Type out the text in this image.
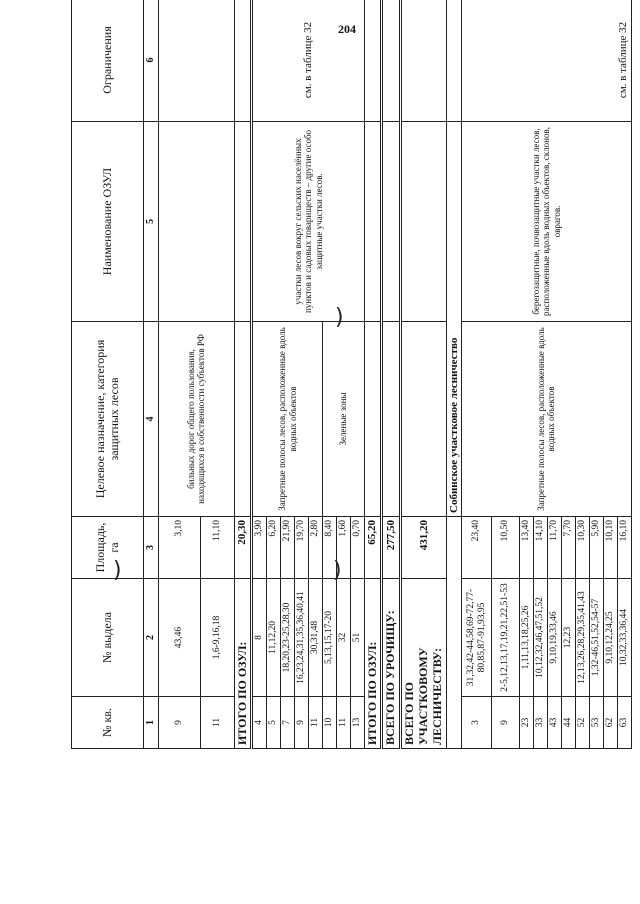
204
)
)	)
№ кв.	№ выдела	Площадь, га	Целевое назначение, категория защитных лесов	Наименование ОЗУЛ	Ограничения
1	2	3	4	5	6
9	43,46	3,10	бильных дорог общего пользования, находящихся в собственности субъектов РФ		
11	1,6-9,16,18	11,10			
ИТОГО ПО ОЗУЛ:		20,30			
4	8	3,90	Запретные полосы лесов, расположенные вдоль водных объектов	участки лесов вокруг сельских населённых пунктов и садовых товариществ – другие особо защитные участки лесов.	см. в таблице 32
5	11,12,20	6,20			
7	18,20,23-25,28,30	21,90			
9	16,23,24,31,35,36,40,41	19,70			
11	30,31,48	2,80			
10	5,13,15,17-20	8,40	Зеленые зоны		
11	32	1,60			
13	51	0,70			
ИТОГО ПО ОЗУЛ:		65,20			
ВСЕГО ПО УРОЧИЩУ:		277,50			
ВСЕГО ПО УЧАСТКОВОМУ ЛЕСНИЧЕСТВУ:		431,20			
			Собинское участковое лесничество		
3	31,32,42-44,58,69-72,77-80,85,87-91,93,95	23,40	Запретные полосы лесов, расположенные вдоль водных объектов	берегозащитные, почвозащитные участки лесов, расположенные вдоль водных объектов, склонов, оврагов.	см. в таблице 32
9	2-5,12,13,17,19,21,22,51-53	10,50			
23	1,11,13,18,25,26	13,40			
33	10,12,32,46,47,51,52	14,10			
43	9,10,19,33,46	11,70			
44	12,23	7,70			
52	12,13,26,28,29,35,41,43	10,30			
53	1,32-46,51,52,54-57	5,90			
62	9,10,12,24,25	10,10			
63	10,32,33,36,44	16,10			
